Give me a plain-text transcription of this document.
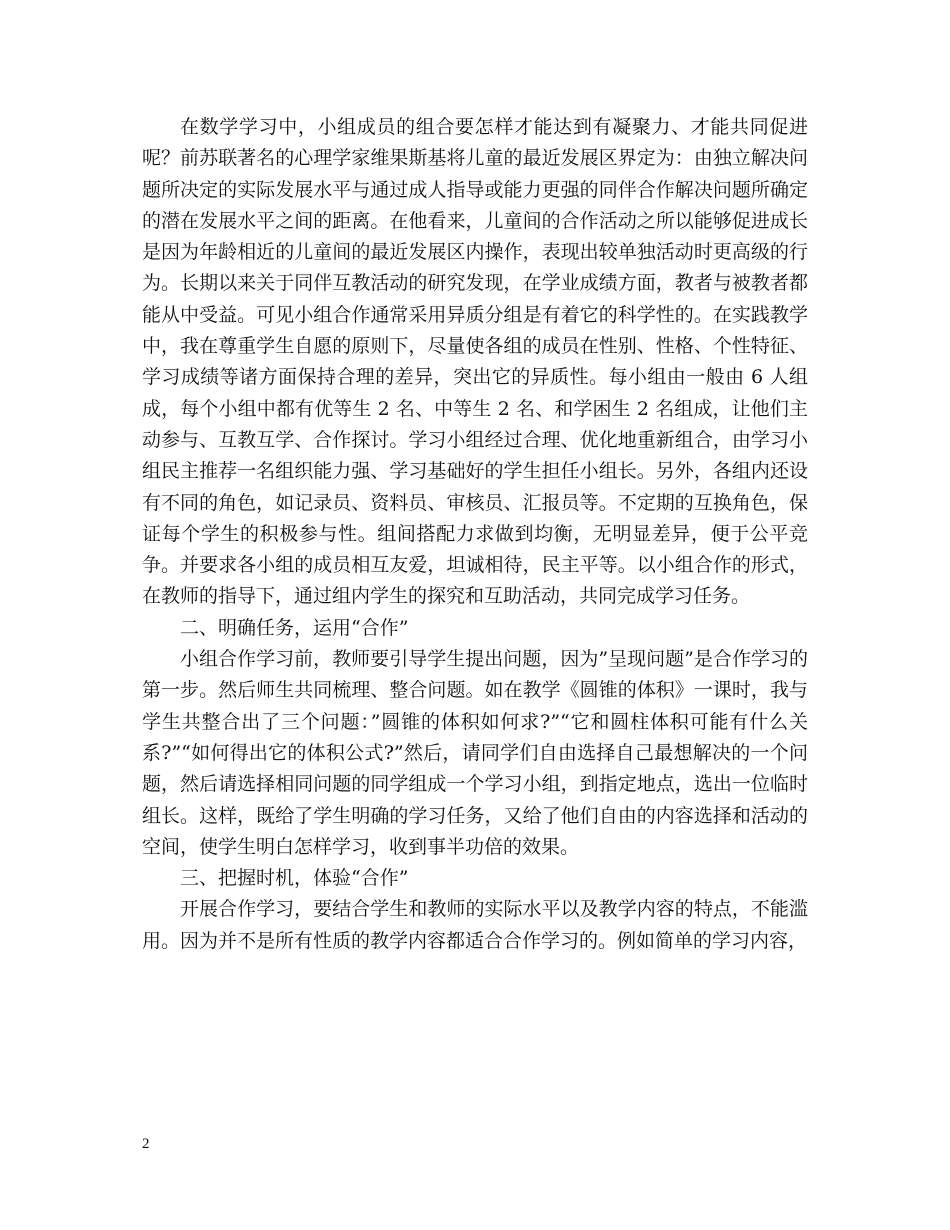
在数学学习中，小组成员的组合要怎样才能达到有凝聚力、才能共同促进呢？前苏联著名的心理学家维果斯基将儿童的最近发展区界定为：由独立解决问题所决定的实际发展水平与通过成人指导或能力更强的同伴合作解决问题所确定的潜在发展水平之间的距离。在他看来，儿童间的合作活动之所以能够促进成长是因为年龄相近的儿童间的最近发展区内操作，表现出较单独活动时更高级的行为。长期以来关于同伴互教活动的研究发现，在学业成绩方面，教者与被教者都能从中受益。可见小组合作通常采用异质分组是有着它的科学性的。在实践教学中，我在尊重学生自愿的原则下，尽量使各组的成员在性别、性格、个性特征、学习成绩等诸方面保持合理的差异，突出它的异质性。每小组由一般由 6 人组成，每个小组中都有优等生 2 名、中等生 2 名、和学困生 2 名组成，让他们主动参与、互教互学、合作探讨。学习小组经过合理、优化地重新组合，由学习小组民主推荐一名组织能力强、学习基础好的学生担任小组长。另外，各组内还设有不同的角色，如记录员、资料员、审核员、汇报员等。不定期的互换角色，保证每个学生的积极参与性。组间搭配力求做到均衡，无明显差异，便于公平竞争。并要求各小组的成员相互友爱，坦诚相待，民主平等。以小组合作的形式，在教师的指导下，通过组内学生的探究和互助活动，共同完成学习任务。

二、明确任务，运用“合作”

小组合作学习前，教师要引导学生提出问题，因为”呈现问题”是合作学习的第一步。然后师生共同梳理、整合问题。如在教学《圆锥的体积》一课时，我与学生共整合出了三个问题：”圆锥的体积如何求?”“它和圆柱体积可能有什么关系?”“如何得出它的体积公式?”然后，请同学们自由选择自己最想解决的一个问题，然后请选择相同问题的同学组成一个学习小组，到指定地点，选出一位临时组长。这样，既给了学生明确的学习任务，又给了他们自由的内容选择和活动的空间，使学生明白怎样学习，收到事半功倍的效果。

三、把握时机，体验“合作”

开展合作学习，要结合学生和教师的实际水平以及教学内容的特点，不能滥用。因为并不是所有性质的教学内容都适合合作学习的。例如简单的学习内容，

2
